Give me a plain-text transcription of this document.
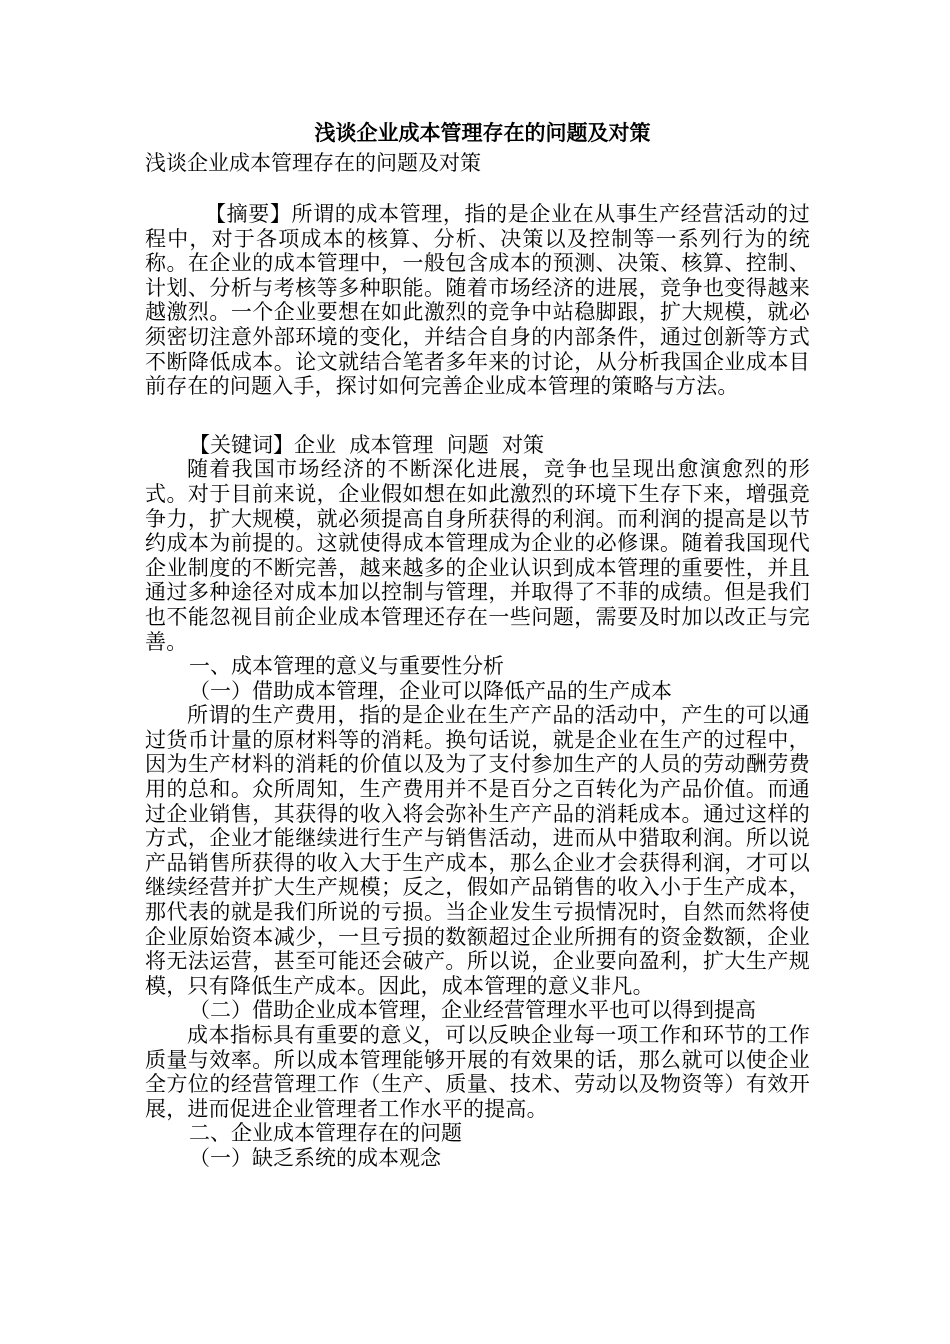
浅谈企业成本管理存在的问题及对策

浅谈企业成本管理存在的问题及对策

【摘要】所谓的成本管理，指的是企业在从事生产经营活动的过程中，对于各项成本的核算、分析、决策以及控制等一系列行为的统称。在企业的成本管理中，一般包含成本的预测、决策、核算、控制、计划、分析与考核等多种职能。随着市场经济的进展，竞争也变得越来越激烈。一个企业要想在如此激烈的竞争中站稳脚跟，扩大规模，就必须密切注意外部环境的变化，并结合自身的内部条件，通过创新等方式不断降低成本。论文就结合笔者多年来的讨论，从分析我国企业成本目前存在的问题入手，探讨如何完善企业成本管理的策略与方法。

【关键词】企业  成本管理  问题  对策

随着我国市场经济的不断深化进展，竞争也呈现出愈演愈烈的形式。对于目前来说，企业假如想在如此激烈的环境下生存下来，增强竞争力，扩大规模，就必须提高自身所获得的利润。而利润的提高是以节约成本为前提的。这就使得成本管理成为企业的必修课。随着我国现代企业制度的不断完善，越来越多的企业认识到成本管理的重要性，并且通过多种途径对成本加以控制与管理，并取得了不菲的成绩。但是我们也不能忽视目前企业成本管理还存在一些问题，需要及时加以改正与完善。

一、成本管理的意义与重要性分析

（一）借助成本管理，企业可以降低产品的生产成本

所谓的生产费用，指的是企业在生产产品的活动中，产生的可以通过货币计量的原材料等的消耗。换句话说，就是企业在生产的过程中，因为生产材料的消耗的价值以及为了支付参加生产的人员的劳动酬劳费用的总和。众所周知，生产费用并不是百分之百转化为产品价值。而通过企业销售，其获得的收入将会弥补生产产品的消耗成本。通过这样的方式，企业才能继续进行生产与销售活动，进而从中猎取利润。所以说产品销售所获得的收入大于生产成本，那么企业才会获得利润，才可以继续经营并扩大生产规模；反之，假如产品销售的收入小于生产成本，那代表的就是我们所说的亏损。当企业发生亏损情况时，自然而然将使企业原始资本减少，一旦亏损的数额超过企业所拥有的资金数额，企业将无法运营，甚至可能还会破产。所以说，企业要向盈利，扩大生产规模，只有降低生产成本。因此，成本管理的意义非凡。

（二）借助企业成本管理，企业经营管理水平也可以得到提高

成本指标具有重要的意义，可以反映企业每一项工作和环节的工作质量与效率。所以成本管理能够开展的有效果的话，那么就可以使企业全方位的经营管理工作（生产、质量、技术、劳动以及物资等）有效开展，进而促进企业管理者工作水平的提高。

二、企业成本管理存在的问题

（一）缺乏系统的成本观念
